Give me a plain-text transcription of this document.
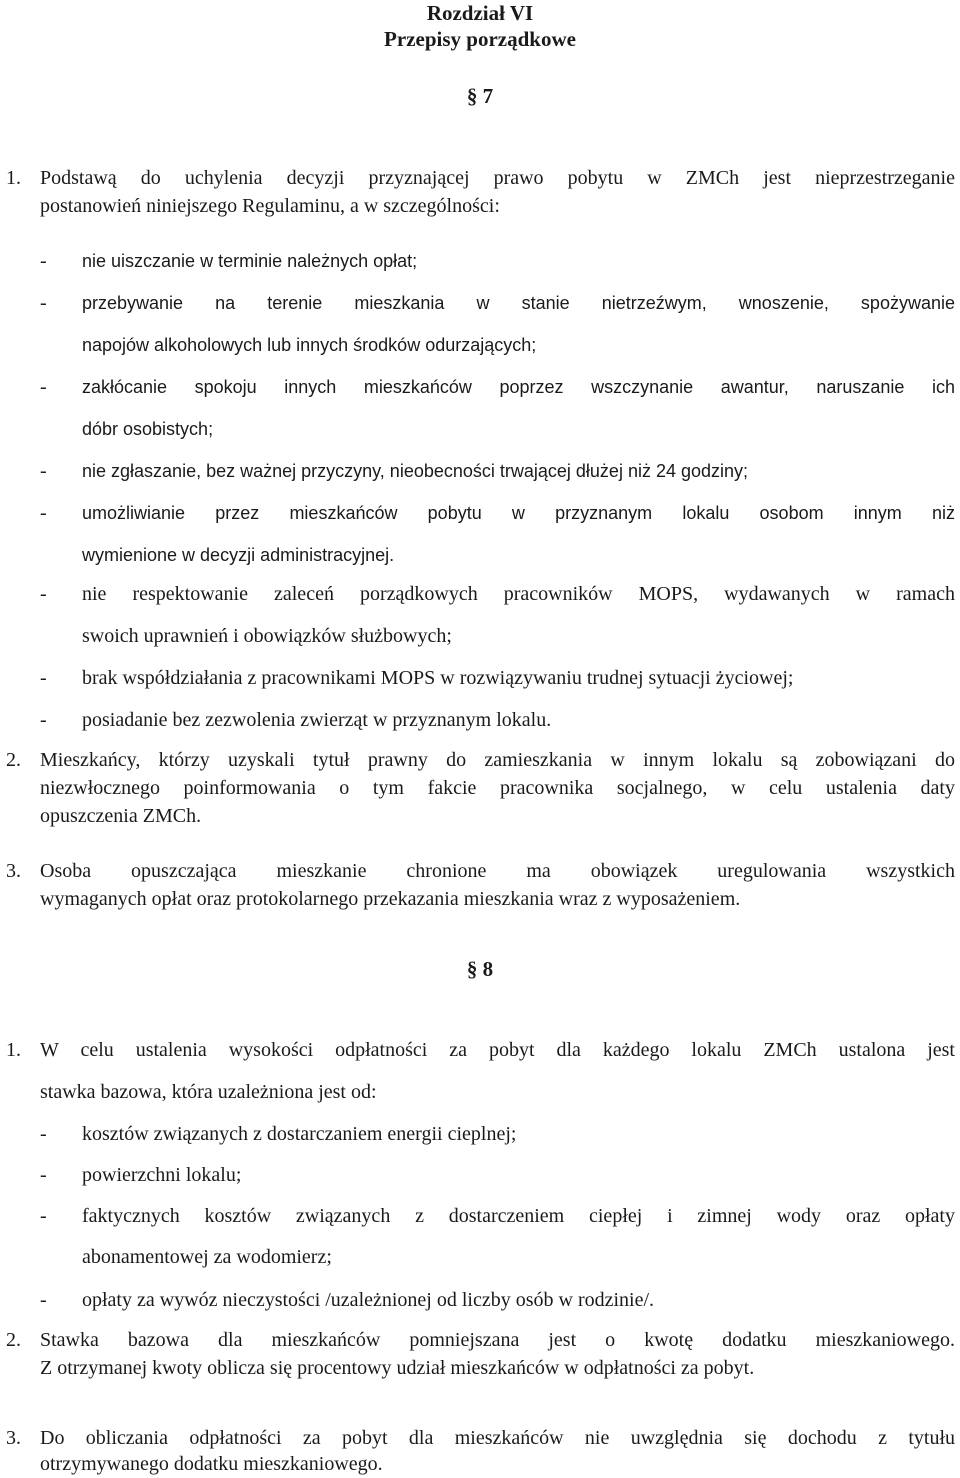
Rozdział VI

Przepisy porządkowe

§ 7

1. Podstawą do uchylenia decyzji przyznającej prawo pobytu w ZMCh jest nieprzestrzeganie

postanowień niniejszego Regulaminu, a w szczególności:

- nie uiszczanie w terminie należnych opłat;

- przebywanie na terenie mieszkania w stanie nietrzeźwym, wnoszenie, spożywanie

napojów alkoholowych lub innych środków odurzających;

- zakłócanie spokoju innych mieszkańców poprzez wszczynanie awantur, naruszanie ich

dóbr osobistych;

- nie zgłaszanie, bez ważnej przyczyny, nieobecności trwającej dłużej niż 24 godziny;

- umożliwianie przez mieszkańców pobytu w przyznanym lokalu osobom innym niż

wymienione w decyzji administracyjnej.

- nie respektowanie zaleceń porządkowych pracowników MOPS, wydawanych w ramach

swoich uprawnień i obowiązków służbowych;

- brak współdziałania z pracownikami MOPS w rozwiązywaniu trudnej sytuacji życiowej;

- posiadanie bez zezwolenia zwierząt w przyznanym lokalu.

2. Mieszkańcy, którzy uzyskali tytuł prawny do zamieszkania w innym lokalu są zobowiązani do

niezwłocznego poinformowania o tym fakcie pracownika socjalnego, w celu ustalenia daty

opuszczenia ZMCh.

3. Osoba opuszczająca mieszkanie chronione ma obowiązek uregulowania wszystkich

wymaganych opłat oraz protokolarnego przekazania mieszkania wraz z wyposażeniem.

§ 8

1. W celu ustalenia wysokości odpłatności za pobyt dla każdego lokalu ZMCh ustalona jest

stawka bazowa, która uzależniona jest od:

- kosztów związanych z dostarczaniem energii cieplnej;

- powierzchni lokalu;

- faktycznych kosztów związanych z dostarczeniem ciepłej i zimnej wody oraz opłaty

abonamentowej za wodomierz;

- opłaty za wywóz nieczystości /uzależnionej od liczby osób w rodzinie/.

2. Stawka bazowa dla mieszkańców pomniejszana jest o kwotę dodatku mieszkaniowego.

Z otrzymanej kwoty oblicza się procentowy udział mieszkańców w odpłatności za pobyt.

3. Do obliczania odpłatności za pobyt dla mieszkańców nie uwzględnia się dochodu z tytułu

otrzymywanego dodatku mieszkaniowego.
